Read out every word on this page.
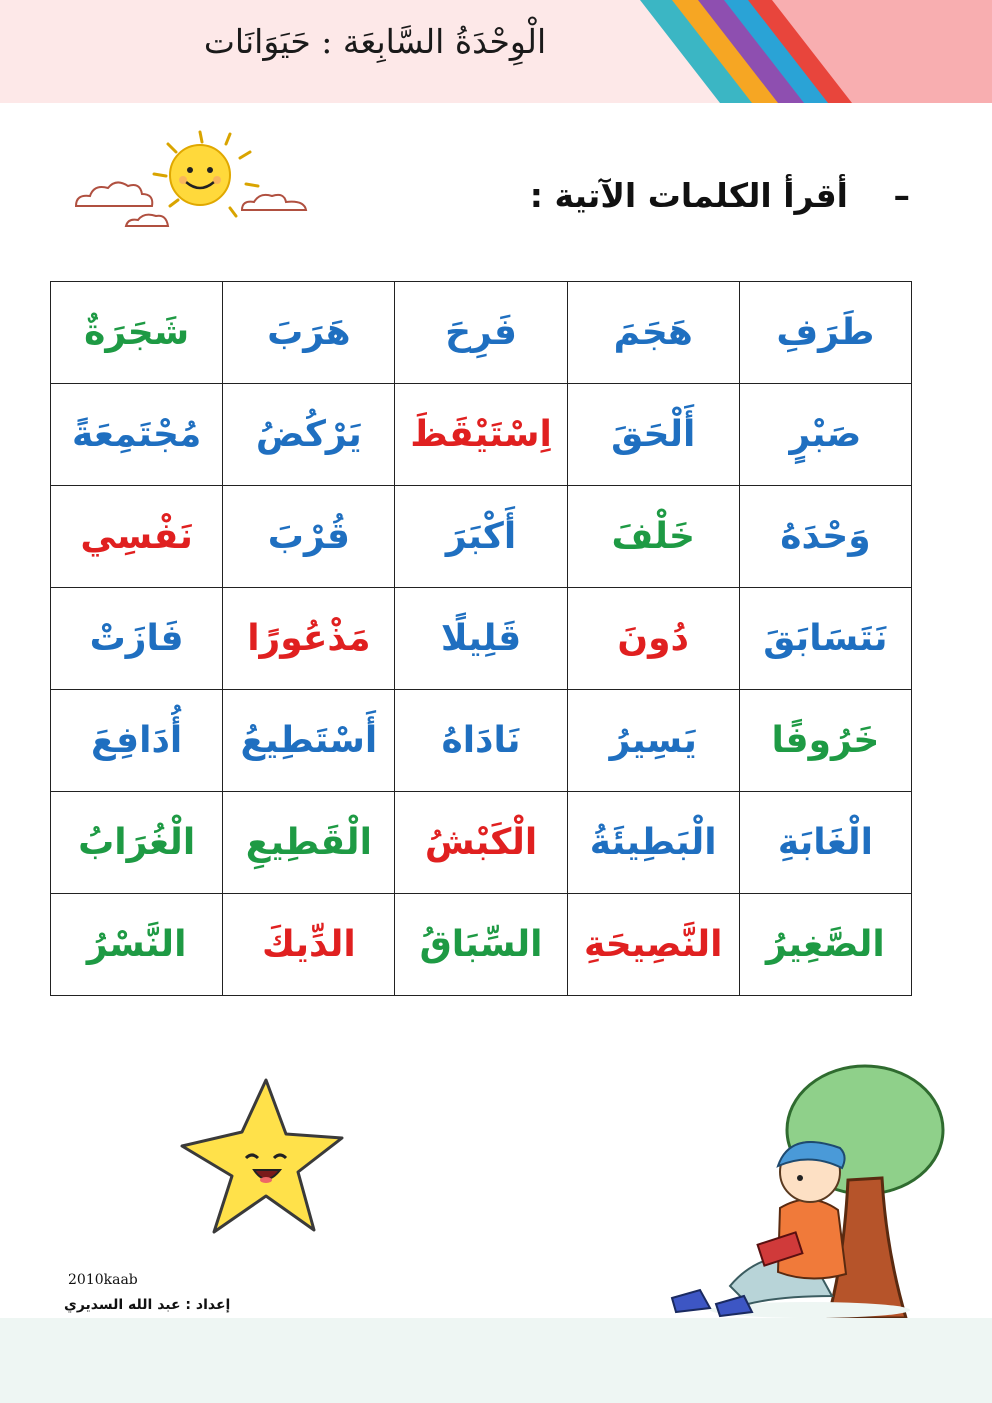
الْوِحْدَةُ السَّابِعَة : حَيَوَانَات
– أقرأ الكلمات الآتية :
طَرَفِ	هَجَمَ	فَرِحَ	هَرَبَ	شَجَرَةٌ
صَبْرٍ	أَلْحَقَ	اِسْتَيْقَظَ	يَرْكُضُ	مُجْتَمِعَةً
وَحْدَهُ	خَلْفَ	أَكْبَرَ	قُرْبَ	نَفْسِي
نَتَسَابَقَ	دُونَ	قَلِيلًا	مَذْعُورًا	فَازَتْ
خَرُوفًا	يَسِيرُ	نَادَاهُ	أَسْتَطِيعُ	أُدَافِعَ
الْغَابَةِ	الْبَطِيئَةُ	الْكَبْشُ	الْقَطِيعِ	الْغُرَابُ
الصَّغِيرُ	النَّصِيحَةِ	السِّبَاقُ	الدِّيكَ	النَّسْرُ
2010kaab
إعداد : عبد الله السديري
